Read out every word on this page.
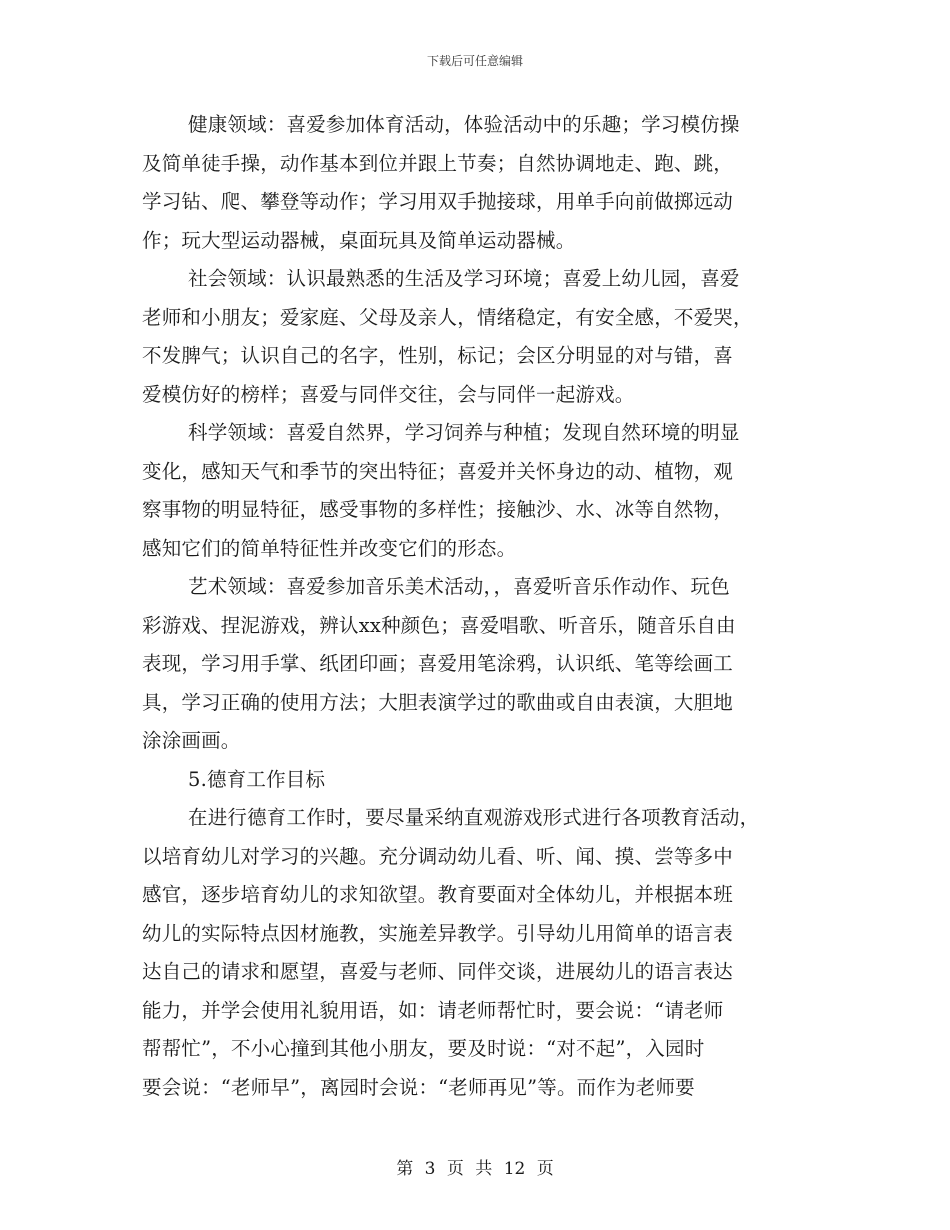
下载后可任意编辑
健康领域：喜爱参加体育活动，体验活动中的乐趣；学习模仿操
及简单徒手操，动作基本到位并跟上节奏；自然协调地走、跑、跳，
学习钻、爬、攀登等动作；学习用双手抛接球，用单手向前做掷远动
作；玩大型运动器械，桌面玩具及简单运动器械。
社会领域：认识最熟悉的生活及学习环境；喜爱上幼儿园，喜爱
老师和小朋友；爱家庭、父母及亲人，情绪稳定，有安全感，不爱哭，
不发脾气；认识自己的名字，性别，标记；会区分明显的对与错，喜
爱模仿好的榜样；喜爱与同伴交往，会与同伴一起游戏。
科学领域：喜爱自然界，学习饲养与种植；发现自然环境的明显
变化，感知天气和季节的突出特征；喜爱并关怀身边的动、植物，观
察事物的明显特征，感受事物的多样性；接触沙、水、冰等自然物，
感知它们的简单特征性并改变它们的形态。
艺术领域：喜爱参加音乐美术活动，，喜爱听音乐作动作、玩色
彩游戏、捏泥游戏，辨认xx种颜色；喜爱唱歌、听音乐，随音乐自由
表现，学习用手掌、纸团印画；喜爱用笔涂鸦，认识纸、笔等绘画工
具，学习正确的使用方法；大胆表演学过的歌曲或自由表演，大胆地
涂涂画画。
5.德育工作目标
在进行德育工作时，要尽量采纳直观游戏形式进行各项教育活动，
以培育幼儿对学习的兴趣。充分调动幼儿看、听、闻、摸、尝等多中
感官，逐步培育幼儿的求知欲望。教育要面对全体幼儿，并根据本班
幼儿的实际特点因材施教，实施差异教学。引导幼儿用简单的语言表
达自己的请求和愿望，喜爱与老师、同伴交谈，进展幼儿的语言表达
能力，并学会使用礼貌用语，如：请老师帮忙时，要会说：“请老师
帮帮忙”，不小心撞到其他小朋友，要及时说：“对不起”，入园时
要会说：“老师早”，离园时会说：“老师再见”等。而作为老师要
第 3 页 共 12 页
